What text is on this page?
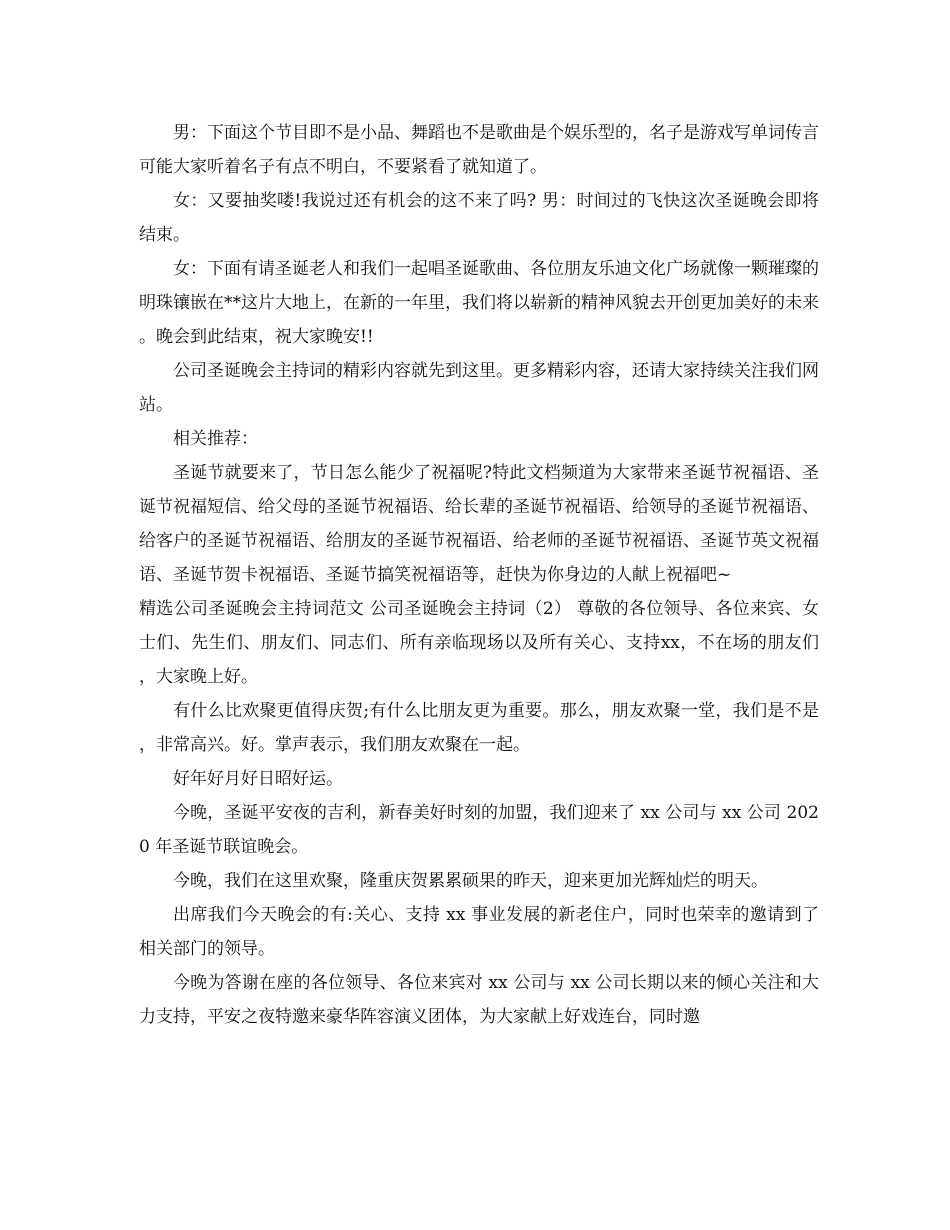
男：下面这个节目即不是小品、舞蹈也不是歌曲是个娱乐型的，名子是游戏写单词传言可能大家听着名子有点不明白，不要紧看了就知道了。

女：又要抽奖喽!我说过还有机会的这不来了吗? 男：时间过的飞快这次圣诞晚会即将结束。

女：下面有请圣诞老人和我们一起唱圣诞歌曲、各位朋友乐迪文化广场就像一颗璀璨的明珠镶嵌在**这片大地上，在新的一年里，我们将以崭新的精神风貌去开创更加美好的未来。晚会到此结束，祝大家晚安!!

公司圣诞晚会主持词的精彩内容就先到这里。更多精彩内容，还请大家持续关注我们网站。

相关推荐：

圣诞节就要来了，节日怎么能少了祝福呢?特此文档频道为大家带来圣诞节祝福语、圣诞节祝福短信、给父母的圣诞节祝福语、给长辈的圣诞节祝福语、给领导的圣诞节祝福语、给客户的圣诞节祝福语、给朋友的圣诞节祝福语、给老师的圣诞节祝福语、圣诞节英文祝福语、圣诞节贺卡祝福语、圣诞节搞笑祝福语等，赶快为你身边的人献上祝福吧~

精选公司圣诞晚会主持词范文 公司圣诞晚会主持词（2） 尊敬的各位领导、各位来宾、女士们、先生们、朋友们、同志们、所有亲临现场以及所有关心、支持xx，不在场的朋友们，大家晚上好。

有什么比欢聚更值得庆贺;有什么比朋友更为重要。那么，朋友欢聚一堂，我们是不是，非常高兴。好。掌声表示，我们朋友欢聚在一起。

好年好月好日昭好运。

今晚，圣诞平安夜的吉利，新春美好时刻的加盟，我们迎来了 xx 公司与 xx 公司 2020 年圣诞节联谊晚会。

今晚，我们在这里欢聚，隆重庆贺累累硕果的昨天，迎来更加光辉灿烂的明天。

出席我们今天晚会的有:关心、支持 xx 事业发展的新老住户，同时也荣幸的邀请到了相关部门的领导。

今晚为答谢在座的各位领导、各位来宾对 xx 公司与 xx 公司长期以来的倾心关注和大力支持，平安之夜特邀来豪华阵容演义团体，为大家献上好戏连台，同时邀
